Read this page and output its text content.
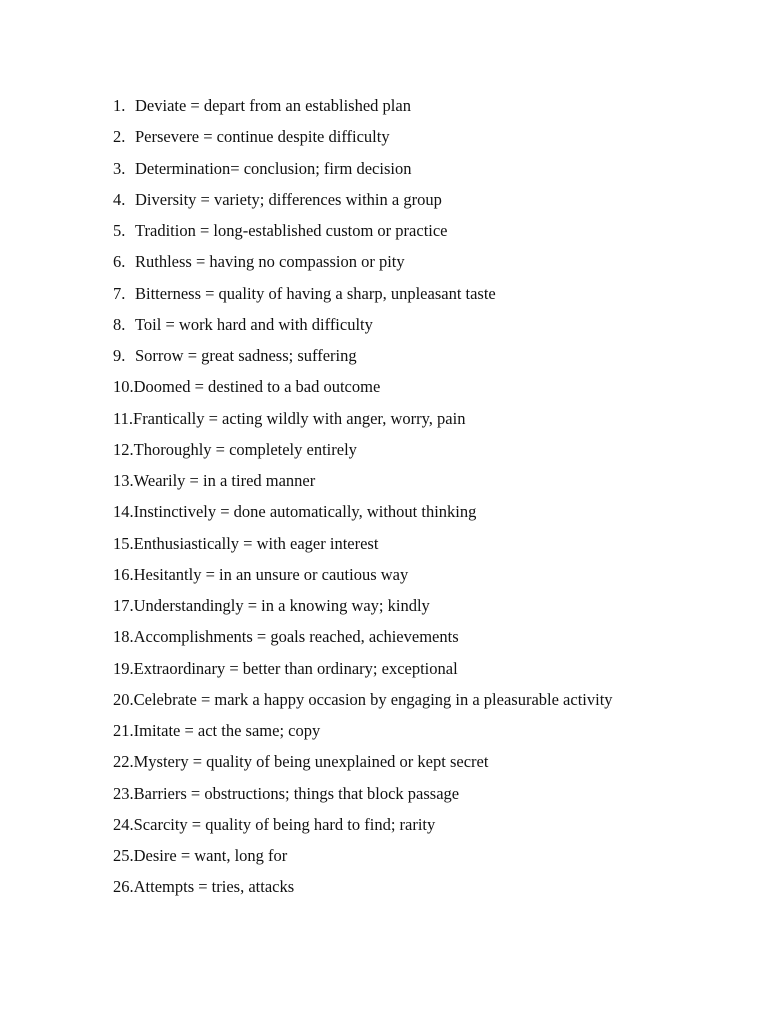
1. Deviate = depart from an established plan
2. Persevere = continue despite difficulty
3. Determination= conclusion; firm decision
4. Diversity = variety; differences within a group
5. Tradition = long-established custom or practice
6. Ruthless = having no compassion or pity
7. Bitterness = quality of having a sharp, unpleasant taste
8. Toil = work hard and with difficulty
9. Sorrow = great sadness; suffering
10.Doomed = destined to a bad outcome
11.Frantically = acting wildly with anger, worry, pain
12.Thoroughly = completely entirely
13.Wearily = in a tired manner
14.Instinctively = done automatically, without thinking
15.Enthusiastically = with eager interest
16.Hesitantly = in an unsure or cautious way
17.Understandingly = in a knowing way; kindly
18.Accomplishments = goals reached, achievements
19.Extraordinary = better than ordinary; exceptional
20.Celebrate = mark a happy occasion by engaging in a pleasurable activity
21.Imitate = act the same; copy
22.Mystery = quality of being unexplained or kept secret
23.Barriers = obstructions; things that block passage
24.Scarcity = quality of being hard to find; rarity
25.Desire = want, long for
26.Attempts = tries, attacks
